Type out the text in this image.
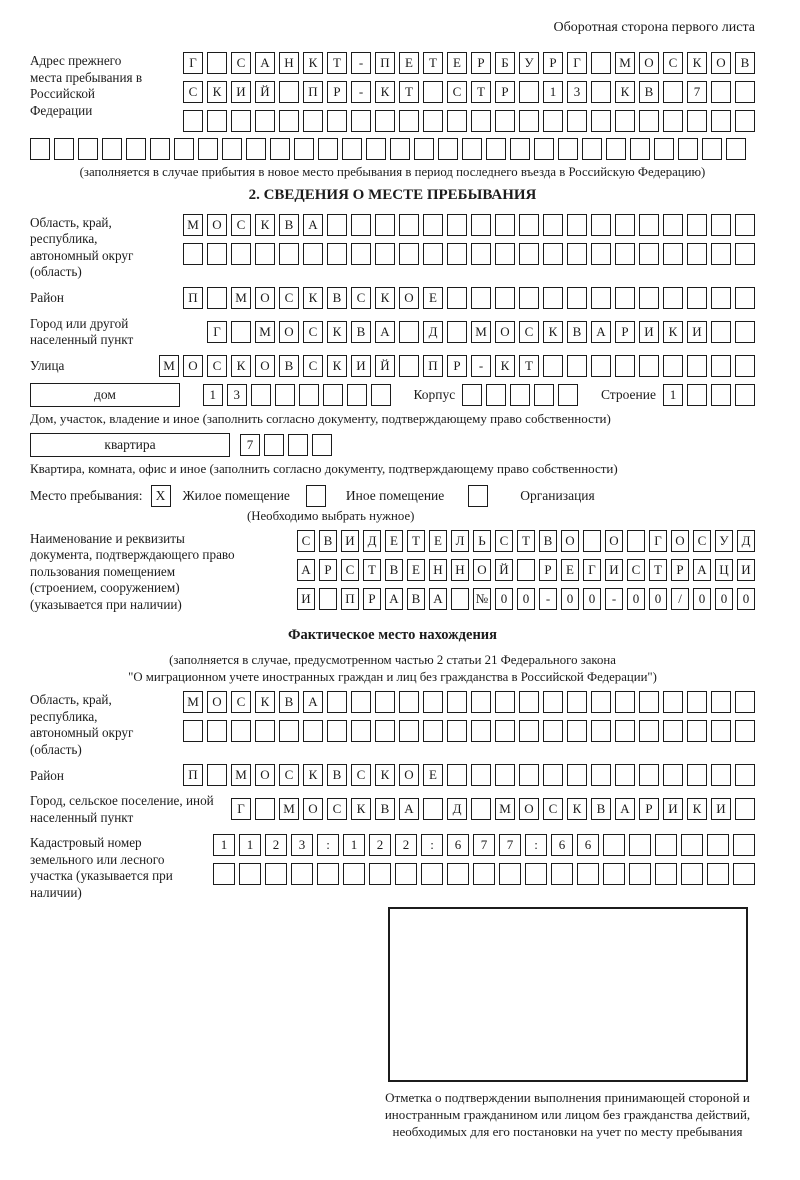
Оборотная сторона первого листа
Адрес прежнего места пребывания в Российской Федерации
Г	С	А	Н	К	Т	-	П	Е	Т	Е	Р	Б	У	Р	Г	М	О	С	К	О	В
С	К	И	Й	П	Р	-	К	Т	С	Т	Р	1	3	К	В	7
(заполняется в случае прибытия в новое место пребывания в период последнего въезда в Российскую Федерацию)
2. СВЕДЕНИЯ О МЕСТЕ ПРЕБЫВАНИЯ
Область, край, республика, автономный округ (область)
М	О	С	К	В	А
Район	П	М	О	С	К	В	С	К	О	Е
Город или другой населенный пункт
Г	М	О	С	К	В	А	Д	М	О	С	К	В	А	Р	И	К	И
Улица	М	О	С	К	О	В	С	К	И	Й	П	Р	-	К	Т
дом	1	3	Корпус	Строение	1
Дом, участок, владение и иное (заполнить согласно документу, подтверждающему право собственности)
квартира	7
Квартира, комната, офис и иное (заполнить согласно документу, подтверждающему право собственности)
Место пребывания: X	Жилое помещение	Иное помещение	Организация
(Необходимо выбрать нужное)
Наименование и реквизиты документа, подтверждающего право пользования помещением (строением, сооружением) (указывается при наличии)
С	В И Д	Е	Т	Е	Л	Ь	С	Т	В О	О	Г	О С	У Д
А	Р	С	Т	В	Е	Н Н О Й	Р	Е	Г	И С	Т	Р	А Ц И
И	П	Р	А В А	№ 0	0	-	0	0	-	0	0	/	0	0	0
Фактическое место нахождения
(заполняется в случае, предусмотренном частью 2 статьи 21 Федерального закона
"О миграционном учете иностранных граждан и лиц без гражданства в Российской Федерации")
Область, край, республика, автономный округ (область)
М	О	С	К	В	А
Район	П	М	О	С	К	В	С	К	О	Е
Город, сельское поселение, иной населенный пункт
Г	М	О	С	К	В	А	Д	М	О	С	К	В	А	Р	И	К	И
Кадастровый номер земельного или лесного участка (указывается при наличии)
1	1	2	3	:	1	2	2	:	6	7	7	:	6	6
Отметка о подтверждении выполнения принимающей стороной и иностранным гражданином или лицом без гражданства действий, необходимых для его постановки на учет по месту пребывания
